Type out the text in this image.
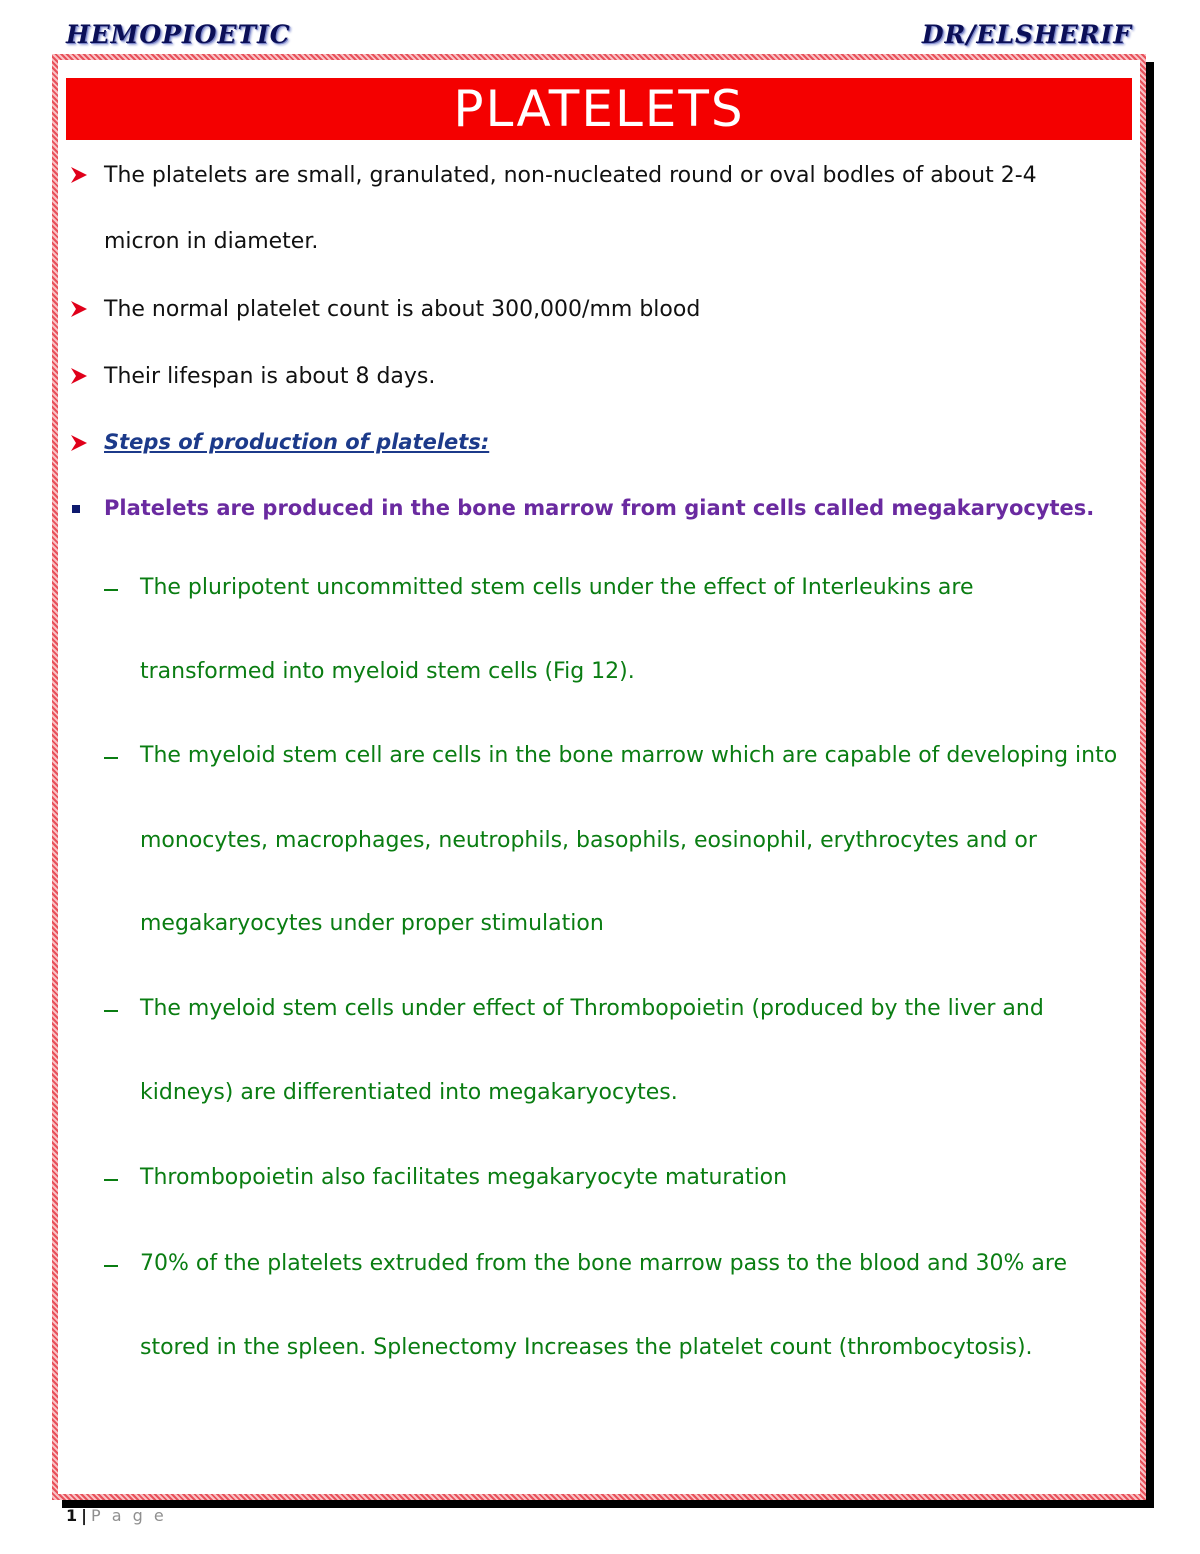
HEMOPIOETIC	DR/ELSHERIF
PLATELETS
The platelets are small, granulated, non-nucleated round or oval bodles of about 2-4
micron in diameter.
The normal platelet count is about 300,000/mm blood
Their lifespan is about 8 days.
Steps of production of platelets:
Platelets are produced in the bone marrow from giant cells called megakaryocytes.
The pluripotent uncommitted stem cells under the effect of Interleukins are
transformed into myeloid stem cells (Fig 12).
The myeloid stem cell are cells in the bone marrow which are capable of developing into
monocytes, macrophages, neutrophils, basophils, eosinophil, erythrocytes and or
megakaryocytes under proper stimulation
The myeloid stem cells under effect of Thrombopoietin (produced by the liver and
kidneys) are differentiated into megakaryocytes.
Thrombopoietin also facilitates megakaryocyte maturation
70% of the platelets extruded from the bone marrow pass to the blood and 30% are
stored in the spleen. Splenectomy Increases the platelet count (thrombocytosis).
1 | P a g e
